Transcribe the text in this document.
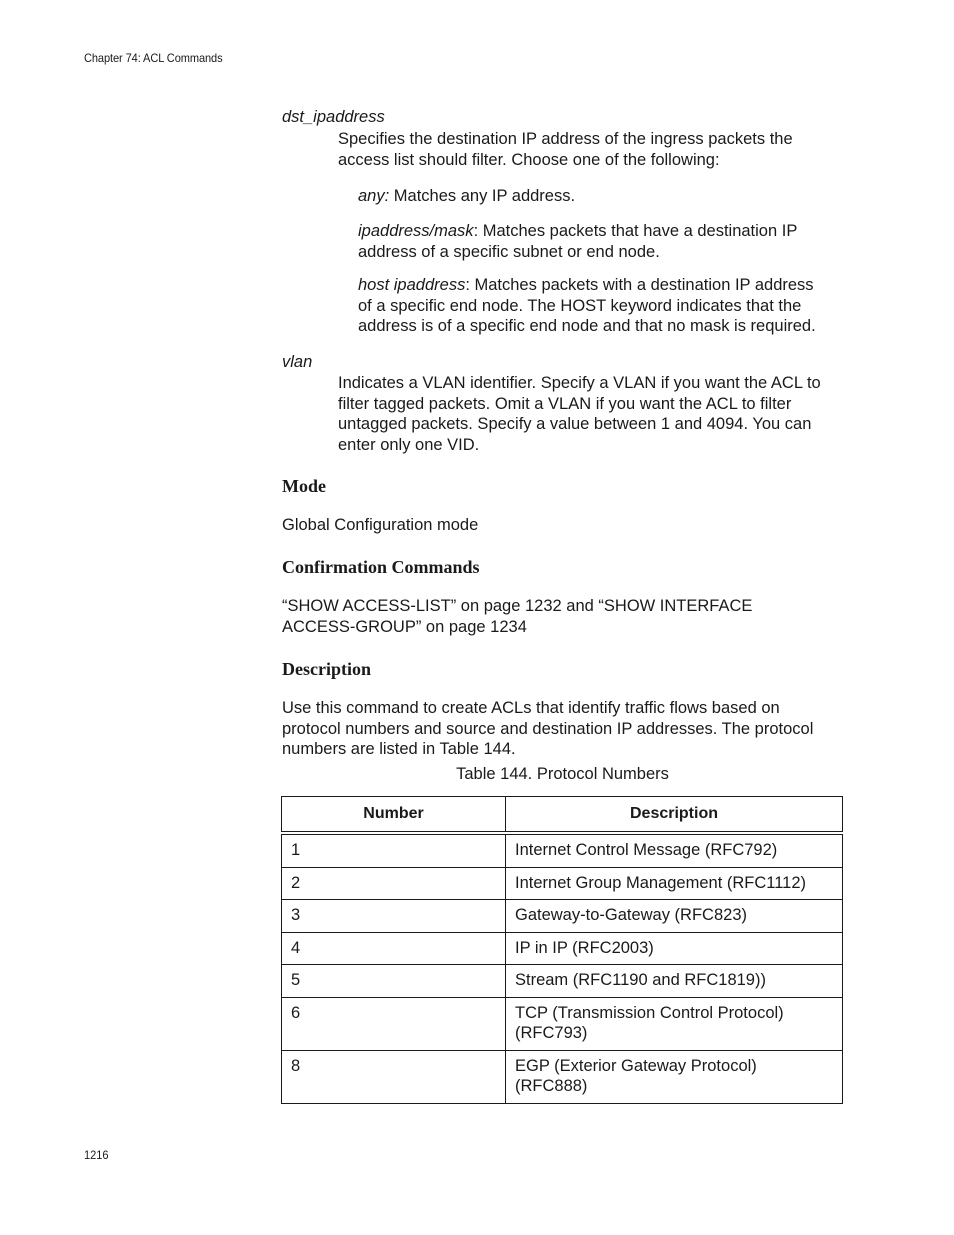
Chapter 74: ACL Commands
dst_ipaddress
Specifies the destination IP address of the ingress packets the
access list should filter. Choose one of the following:
any: Matches any IP address.
ipaddress/mask: Matches packets that have a destination IP
address of a specific subnet or end node.
host ipaddress: Matches packets with a destination IP address
of a specific end node. The HOST keyword indicates that the
address is of a specific end node and that no mask is required.
vlan
Indicates a VLAN identifier. Specify a VLAN if you want the ACL to
filter tagged packets. Omit a VLAN if you want the ACL to filter
untagged packets. Specify a value between 1 and 4094. You can
enter only one VID.
Mode
Global Configuration mode
Confirmation Commands
“SHOW ACCESS-LIST” on page 1232 and “SHOW INTERFACE
ACCESS-GROUP” on page 1234
Description
Use this command to create ACLs that identify traffic flows based on
protocol numbers and source and destination IP addresses. The protocol
numbers are listed in Table 144.
Table 144. Protocol Numbers
Number	Description
1	Internet Control Message (RFC792)

2	Internet Group Management (RFC1112)

3	Gateway-to-Gateway (RFC823)

4	IP in IP (RFC2003)

5	Stream (RFC1190 and RFC1819))

6	TCP (Transmission Control Protocol)
(RFC793)

8	EGP (Exterior Gateway Protocol)
(RFC888)
1216
